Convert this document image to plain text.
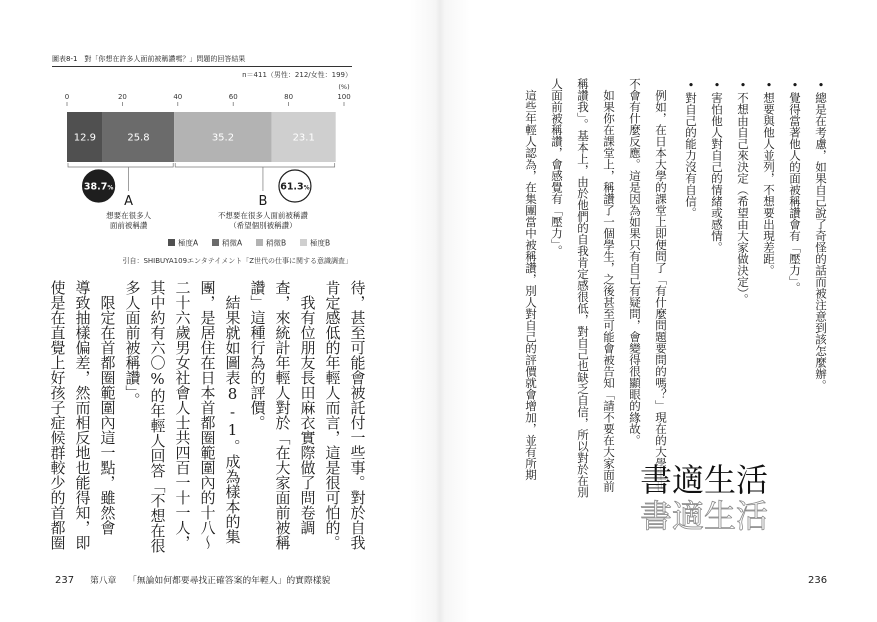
圖表8-1　對「你想在許多人面前被稱讚嗎？」問題的回答結果
n＝411（男性：212/女性：199）
(%)
0	20	40	60	80	100
12.9	25.8	35.2	23.1
38.7%
A
想要在很多人
面前被稱讚
61.3%
B
不想要在很多人面前被稱讚
（希望個別被稱讚）
極度A	稍微A	稍微B	極度B
引自：SHIBUYA109エンタテイメント「Z世代の仕事に関する意識調査」
待，甚至可能會被託付一些事。對於自我
肯定感低的年輕人而言，這是很可怕的。
　我有位朋友長田麻衣實際做了問卷調
查，來統計年輕人對於「在大家面前被稱
讚」這種行為的評價。
　結果就如圖表8-1。成為樣本的集
團，是居住在日本首都圈範圍內的十八～
二十六歲男女社會人士共四百一十一人，
其中約有六〇%的年輕人回答「不想在很
多人面前被稱讚」。
　限定在首都圈範圍內這一點，雖然會
導致抽樣偏差，然而相反地也能得知，即
使是在直覺上好孩子症候群較少的首都圈
237 第八章 「無論如何都要尋找正確答案的年輕人」的實際樣貌
•總是在考慮，如果自己說了奇怪的話而被注意到該怎麼辦。
•覺得當著他人的面被稱讚會有「壓力」。
•想要與他人並列，不想要出現差距。
•不想由自己來決定（希望由大家做決定）。
•害怕他人對自己的情緒或感情。
•對自己的能力沒有自信。
　例如，在日本大學的課堂上即便問了「有什麼問題要問的嗎？」現在的大學生也
不會有什麼反應。這是因為如果只有自己有疑問，會變得很顯眼的緣故。
　如果你在課堂上，稱讚了一個學生，之後甚至可能會被告知「請不要在大家面前
稱讚我」。基本上，由於他們的自我肯定感很低，對自己也缺乏自信，所以對於在別
人面前被稱讚，會感覺有「壓力」。
　這些年輕人認為，在集團當中被稱讚，別人對自己的評價就會增加，並有所期	書適生活
書適生活
236
